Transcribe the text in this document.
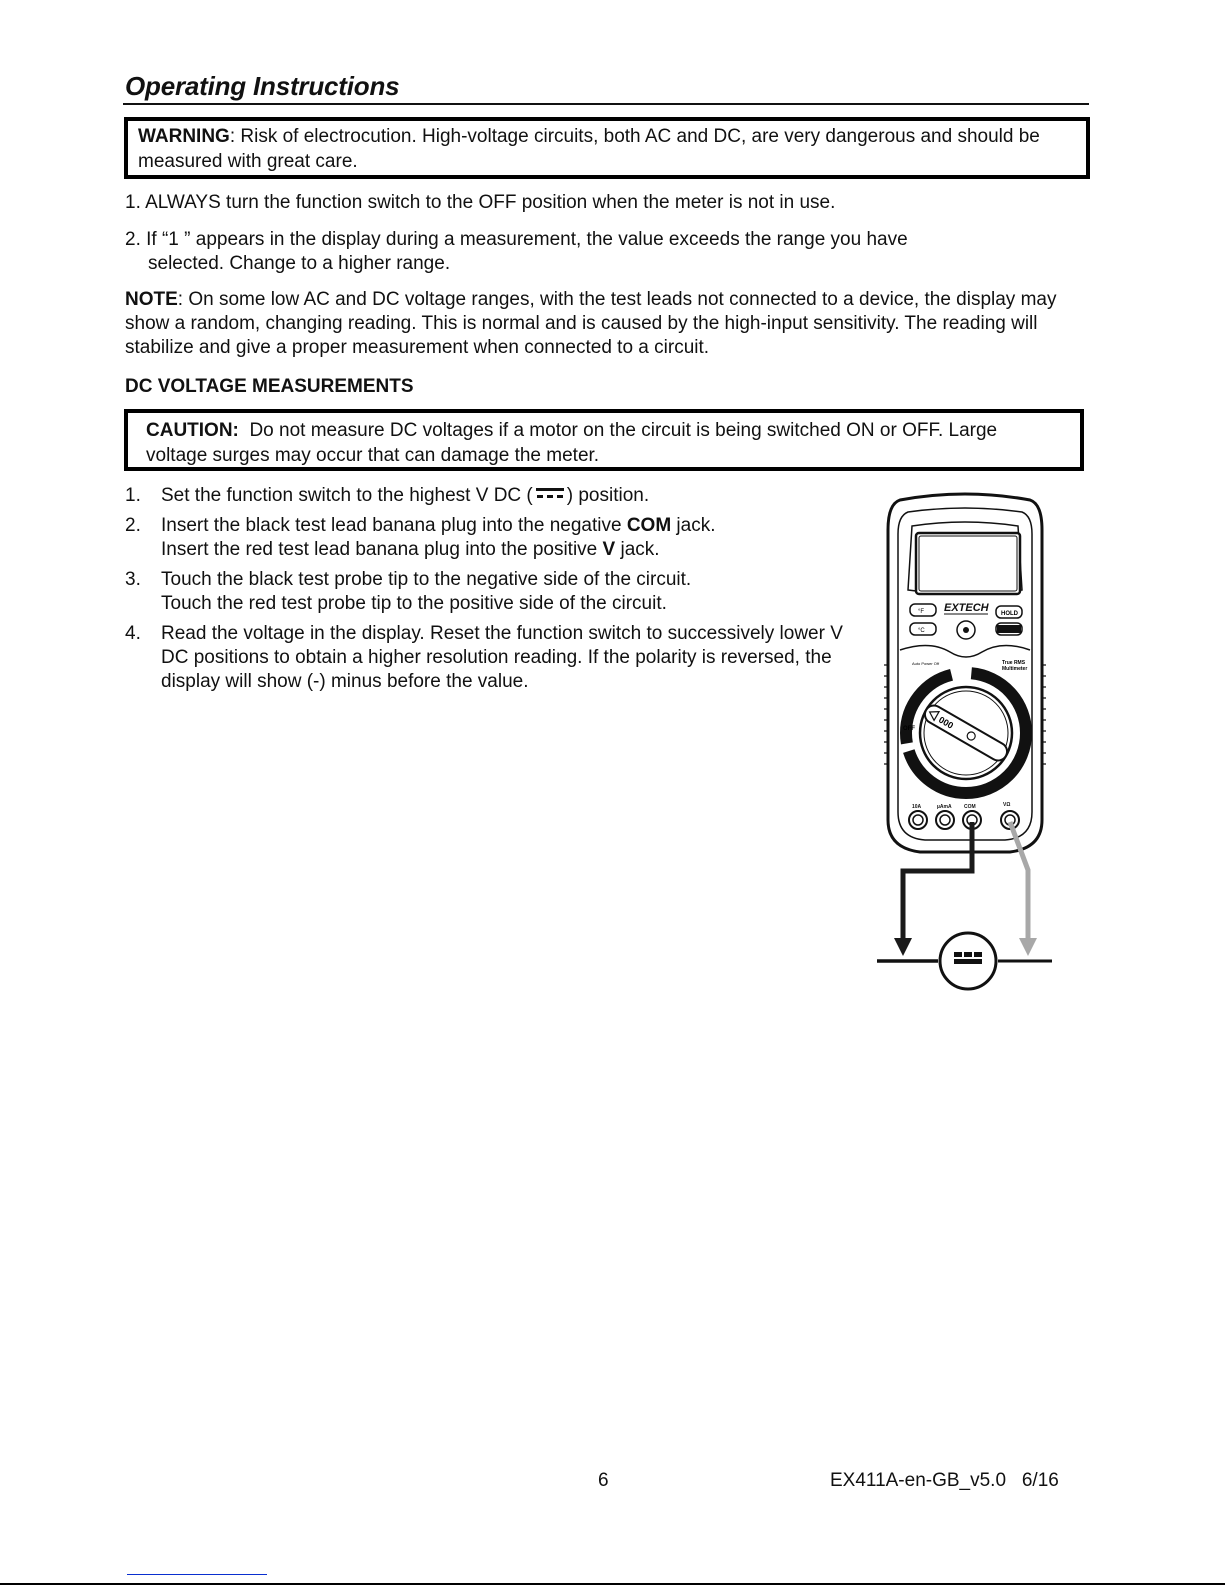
Operating Instructions
WARNING: Risk of electrocution. High-voltage circuits, both AC and DC, are very dangerous and should be measured with great care.
1. ALWAYS turn the function switch to the OFF position when the meter is not in use.
2. If “1 ” appears in the display during a measurement, the value exceeds the range you have
selected. Change to a higher range.
NOTE: On some low AC and DC voltage ranges, with the test leads not connected to a device, the display may show a random, changing reading. This is normal and is caused by the high-input sensitivity. The reading will stabilize and give a proper measurement when connected to a circuit.
DC VOLTAGE MEASUREMENTS
CAUTION:  Do not measure DC voltages if a motor on the circuit is being switched ON or OFF. Large voltage surges may occur that can damage the meter.
1.	Set the function switch to the highest V DC ( ) position.
2.	Insert the black test lead banana plug into the negative COM jack.
Insert the red test lead banana plug into the positive V jack.
3.	Touch the black test probe tip to the negative side of the circuit.
Touch the red test probe tip to the positive side of the circuit.
4.	Read the voltage in the display. Reset the function switch to successively lower V DC positions to obtain a higher resolution reading. If the polarity is reversed, the display will show (-) minus before the value.
EXTECH
°F
°C
HOLD
Auto Power Off	True RMS
Multimeter
000
OFF
10A	µAmA COM	VΩ
6	EX411A-en-GB_v5.0   6/16
